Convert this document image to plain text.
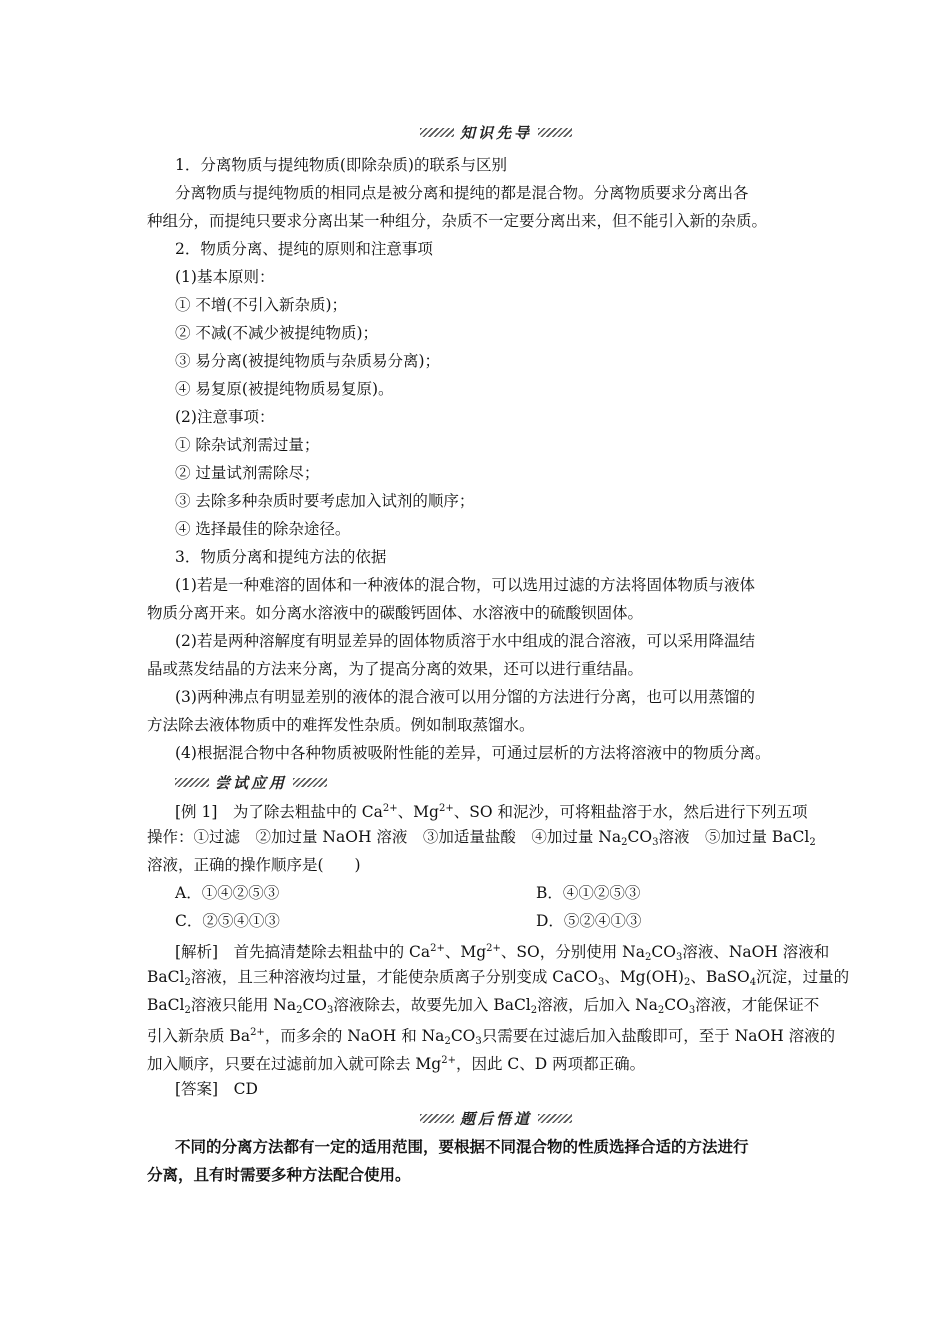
知识先导
1．分离物质与提纯物质(即除杂质)的联系与区别
分离物质与提纯物质的相同点是被分离和提纯的都是混合物。分离物质要求分离出各
种组分，而提纯只要求分离出某一种组分，杂质不一定要分离出来，但不能引入新的杂质。
2．物质分离、提纯的原则和注意事项
(1)基本原则：
① 不增(不引入新杂质)；
② 不减(不减少被提纯物质)；
③ 易分离(被提纯物质与杂质易分离)；
④ 易复原(被提纯物质易复原)。
(2)注意事项：
① 除杂试剂需过量；
② 过量试剂需除尽；
③ 去除多种杂质时要考虑加入试剂的顺序；
④ 选择最佳的除杂途径。
3．物质分离和提纯方法的依据
(1)若是一种难溶的固体和一种液体的混合物，可以选用过滤的方法将固体物质与液体
物质分离开来。如分离水溶液中的碳酸钙固体、水溶液中的硫酸钡固体。
(2)若是两种溶解度有明显差异的固体物质溶于水中组成的混合溶液，可以采用降温结
晶或蒸发结晶的方法来分离，为了提高分离的效果，还可以进行重结晶。
(3)两种沸点有明显差别的液体的混合液可以用分馏的方法进行分离，也可以用蒸馏的
方法除去液体物质中的难挥发性杂质。例如制取蒸馏水。
(4)根据混合物中各种物质被吸附性能的差异，可通过层析的方法将溶液中的物质分离。
尝试应用
[例 1]　为了除去粗盐中的 $Ca^{2+}$、$Mg^{2+}$、SO 和泥沙，可将粗盐溶于水，然后进行下列五项
操作：①过滤　②加过量 NaOH 溶液　③加适量盐酸　④加过量 $Na_2CO_3$溶液　⑤加过量 BaCl$_2$
溶液，正确的操作顺序是(　　)
A．①④②⑤③	B．④①②⑤③
C．②⑤④①③	D．⑤②④①③
[解析]　首先搞清楚除去粗盐中的 $Ca^{2+}$、$Mg^{2+}$、SO，分别使用 $Na_2CO_3$溶液、NaOH 溶液和
BaCl$_2$溶液，且三种溶液均过量，才能使杂质离子分别变成 CaCO$_3$、$Mg(OH)_2$、BaSO$_4$沉淀，过量的
BaCl$_2$溶液只能用 $Na_2CO_3$溶液除去，故要先加入 BaCl$_2$溶液，后加入 $Na_2CO_3$溶液，才能保证不
引入新杂质 $Ba^{2+}$，而多余的 NaOH 和 $Na_2CO_3$只需要在过滤后加入盐酸即可，至于 NaOH 溶液的
加入顺序，只要在过滤前加入就可除去 $Mg^{2+}$，因此 C、D 两项都正确。
[答案]　CD
题后悟道
不同的分离方法都有一定的适用范围，要根据不同混合物的性质选择合适的方法进行
分离，且有时需要多种方法配合使用。
